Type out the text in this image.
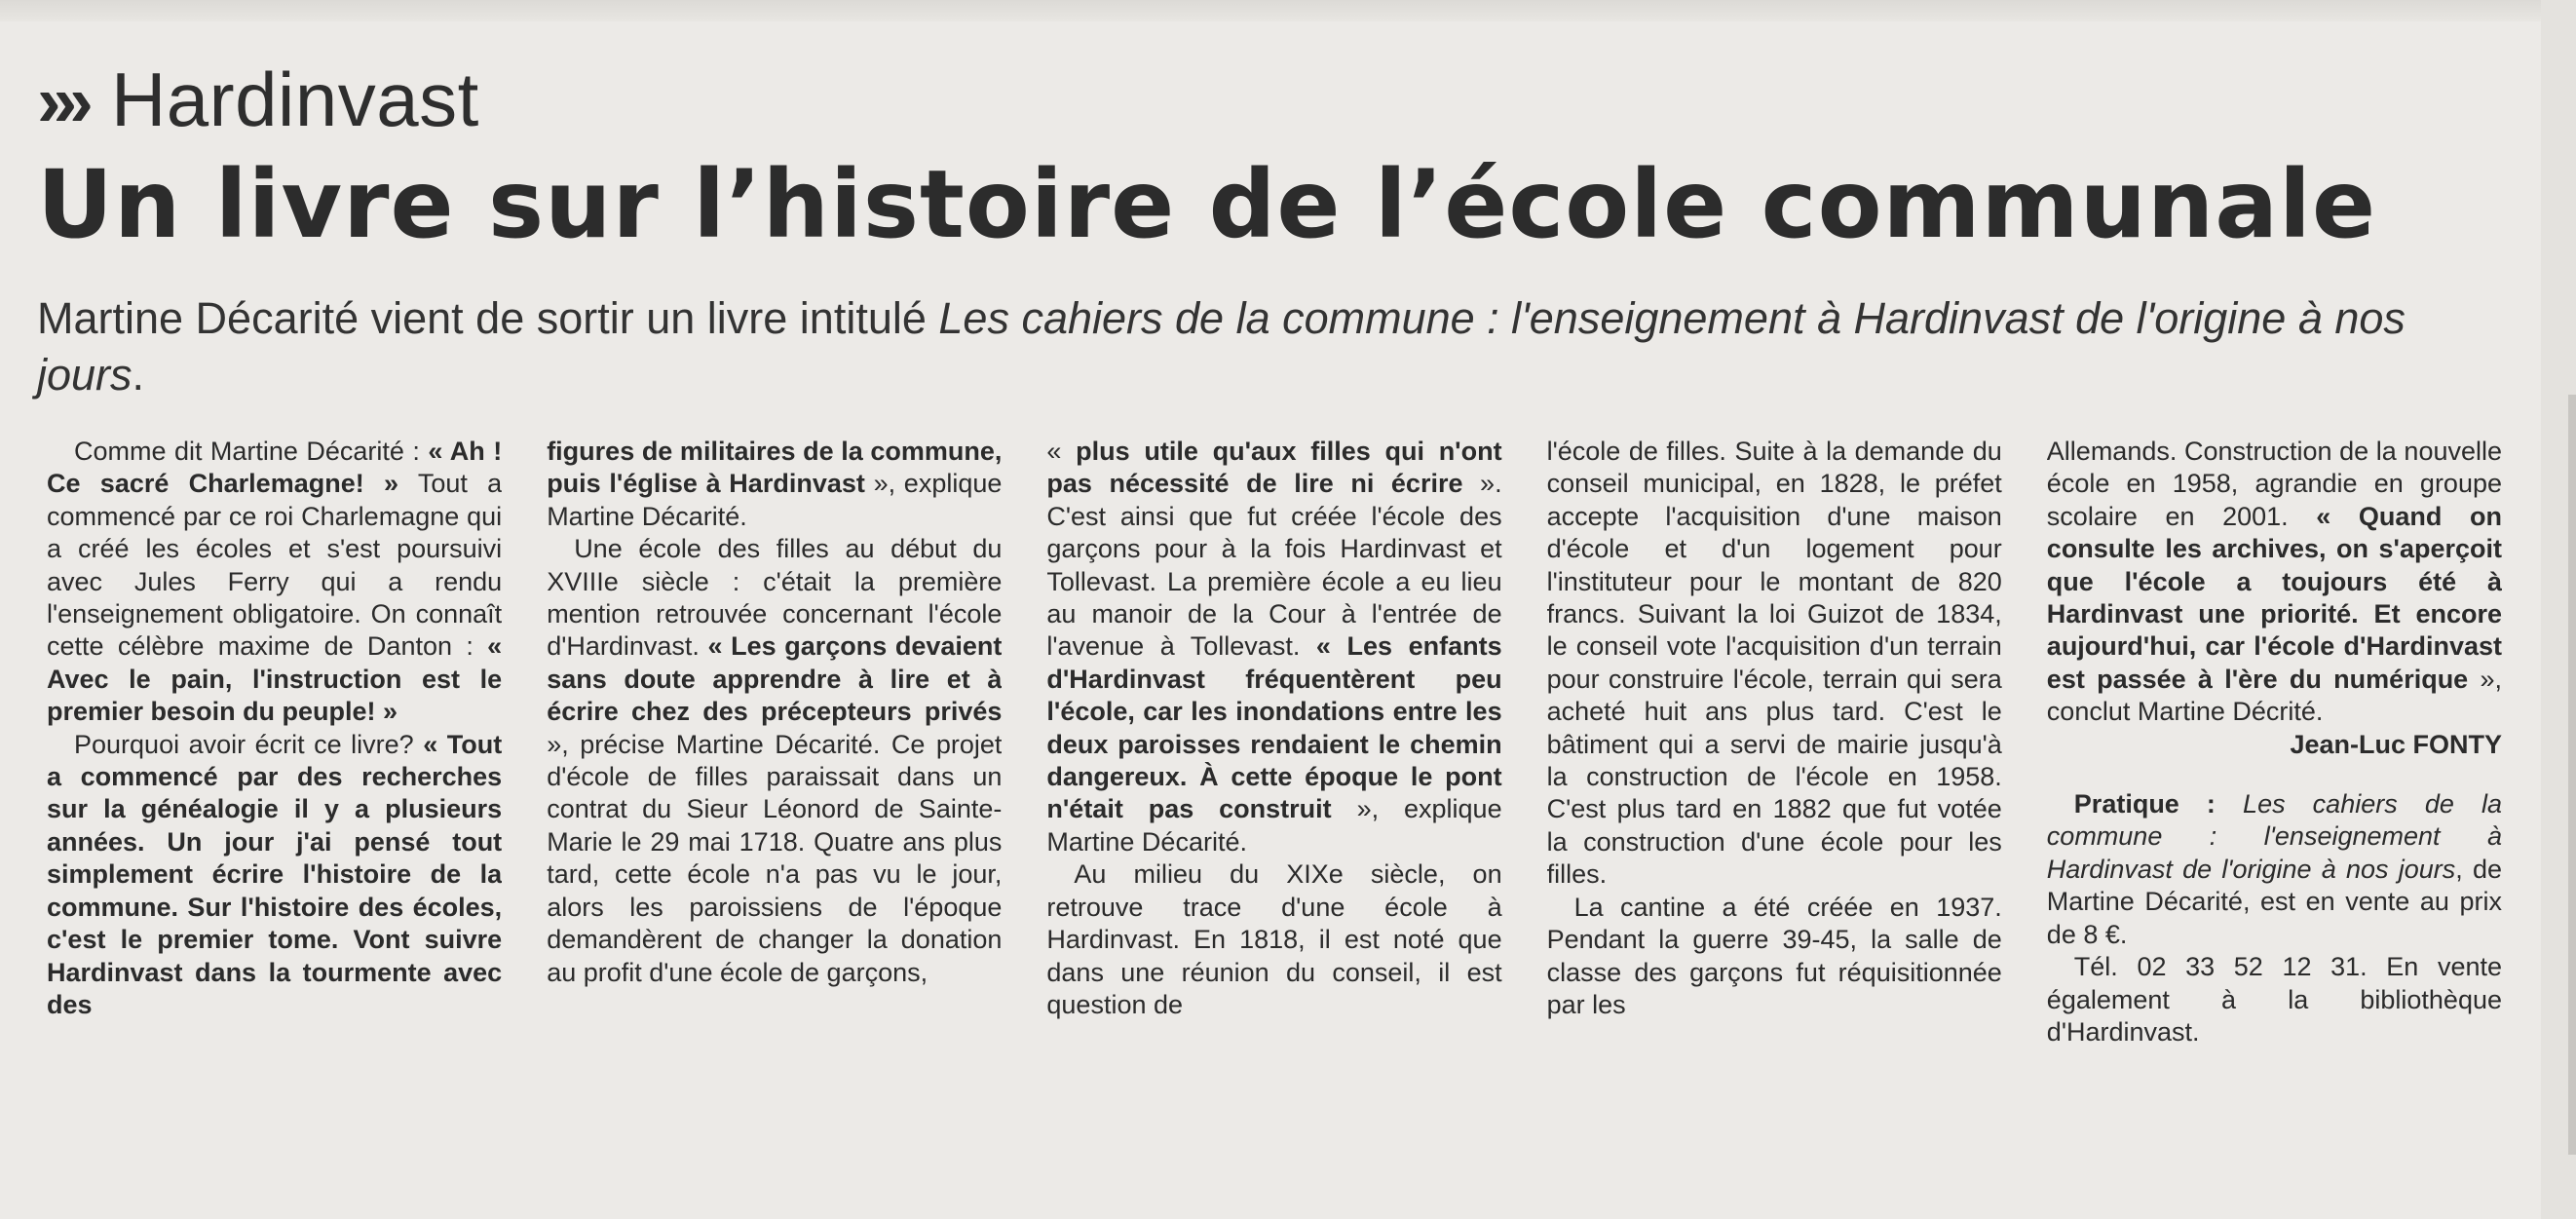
››› Hardinvast
Un livre sur l’histoire de l’école communale
Martine Décarité vient de sortir un livre intitulé Les cahiers de la commune : l'enseignement à Hardinvast de l'origine à nos jours.

Comme dit Martine Décarité : « Ah ! Ce sacré Charlemagne! » Tout a commencé par ce roi Charlemagne qui a créé les écoles et s'est poursuivi avec Jules Ferry qui a rendu l'enseignement obligatoire. On connaît cette célèbre maxime de Danton : « Avec le pain, l'instruction est le premier besoin du peuple! »

Pourquoi avoir écrit ce livre? « Tout a commencé par des recherches sur la généalogie il y a plusieurs années. Un jour j'ai pensé tout simplement écrire l'histoire de la commune. Sur l'histoire des écoles, c'est le premier tome. Vont suivre Hardinvast dans la tourmente avec des

figures de militaires de la commune, puis l'église à Hardinvast », explique Martine Décarité.

Une école des filles au début du XVIIIe siècle : c'était la première mention retrouvée concernant l'école d'Hardinvast. « Les garçons devaient sans doute apprendre à lire et à écrire chez des précepteurs privés », précise Martine Décarité. Ce projet d'école de filles paraissait dans un contrat du Sieur Léonord de Sainte-Marie le 29 mai 1718. Quatre ans plus tard, cette école n'a pas vu le jour, alors les paroissiens de l'époque demandèrent de changer la donation au profit d'une école de garçons,

« plus utile qu'aux filles qui n'ont pas nécessité de lire ni écrire ». C'est ainsi que fut créée l'école des garçons pour à la fois Hardinvast et Tollevast. La première école a eu lieu au manoir de la Cour à l'entrée de l'avenue à Tollevast. « Les enfants d'Hardinvast fréquentèrent peu l'école, car les inondations entre les deux paroisses rendaient le chemin dangereux. À cette époque le pont n'était pas construit », explique Martine Décarité.

Au milieu du XIXe siècle, on retrouve trace d'une école à Hardinvast. En 1818, il est noté que dans une réunion du conseil, il est question de

l'école de filles. Suite à la demande du conseil municipal, en 1828, le préfet accepte l'acquisition d'une maison d'école et d'un logement pour l'instituteur pour le montant de 820 francs. Suivant la loi Guizot de 1834, le conseil vote l'acquisition d'un terrain pour construire l'école, terrain qui sera acheté huit ans plus tard. C'est le bâtiment qui a servi de mairie jusqu'à la construction de l'école en 1958. C'est plus tard en 1882 que fut votée la construction d'une école pour les filles.

La cantine a été créée en 1937. Pendant la guerre 39-45, la salle de classe des garçons fut réquisitionnée par les

Allemands. Construction de la nouvelle école en 1958, agrandie en groupe scolaire en 2001. « Quand on consulte les archives, on s'aperçoit que l'école a toujours été à Hardinvast une priorité. Et encore aujourd'hui, car l'école d'Hardinvast est passée à l'ère du numérique », conclut Martine Décrité.

Jean-Luc FONTY

Pratique : Les cahiers de la commune : l'enseignement à Hardinvast de l'origine à nos jours, de Martine Décarité, est en vente au prix de 8 €.

Tél. 02 33 52 12 31. En vente également à la bibliothèque d'Hardinvast.
